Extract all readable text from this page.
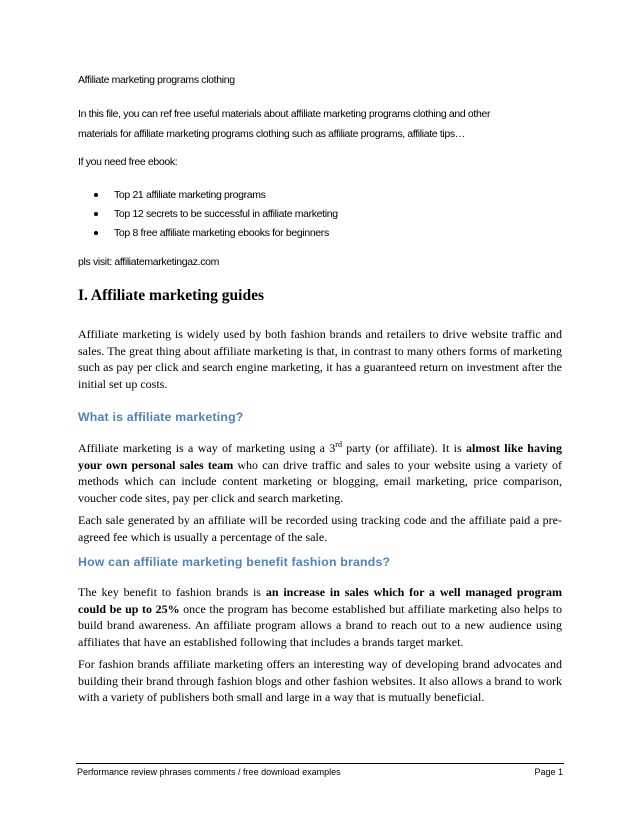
Affiliate marketing programs clothing
In this file, you can ref free useful materials about affiliate marketing programs clothing and other
materials for affiliate marketing programs clothing such as affiliate programs, affiliate tips…
If you need free ebook:
Top 21 affiliate marketing programs
Top 12 secrets to be successful in affiliate marketing
Top 8 free affiliate marketing ebooks for beginners
pls visit: affiliatemarketingaz.com
I. Affiliate marketing guides

Affiliate marketing is widely used by both fashion brands and retailers to drive website traffic and sales. The great thing about affiliate marketing is that, in contrast to many others forms of marketing such as pay per click and search engine marketing, it has a guaranteed return on investment after the initial set up costs.

What is affiliate marketing?

Affiliate marketing is a way of marketing using a 3rd party (or affiliate). It is almost like having your own personal sales team who can drive traffic and sales to your website using a variety of methods which can include content marketing or blogging, email marketing, price comparison, voucher code sites, pay per click and search marketing.

Each sale generated by an affiliate will be recorded using tracking code and the affiliate paid a pre-agreed fee which is usually a percentage of the sale.

How can affiliate marketing benefit fashion brands?

The key benefit to fashion brands is an increase in sales which for a well managed program could be up to 25% once the program has become established but affiliate marketing also helps to build brand awareness. An affiliate program allows a brand to reach out to a new audience using affiliates that have an established following that includes a brands target market.

For fashion brands affiliate marketing offers an interesting way of developing brand advocates and building their brand through fashion blogs and other fashion websites. It also allows a brand to work with a variety of publishers both small and large in a way that is mutually beneficial.

Performance review phrases comments / free download examples	Page 1
